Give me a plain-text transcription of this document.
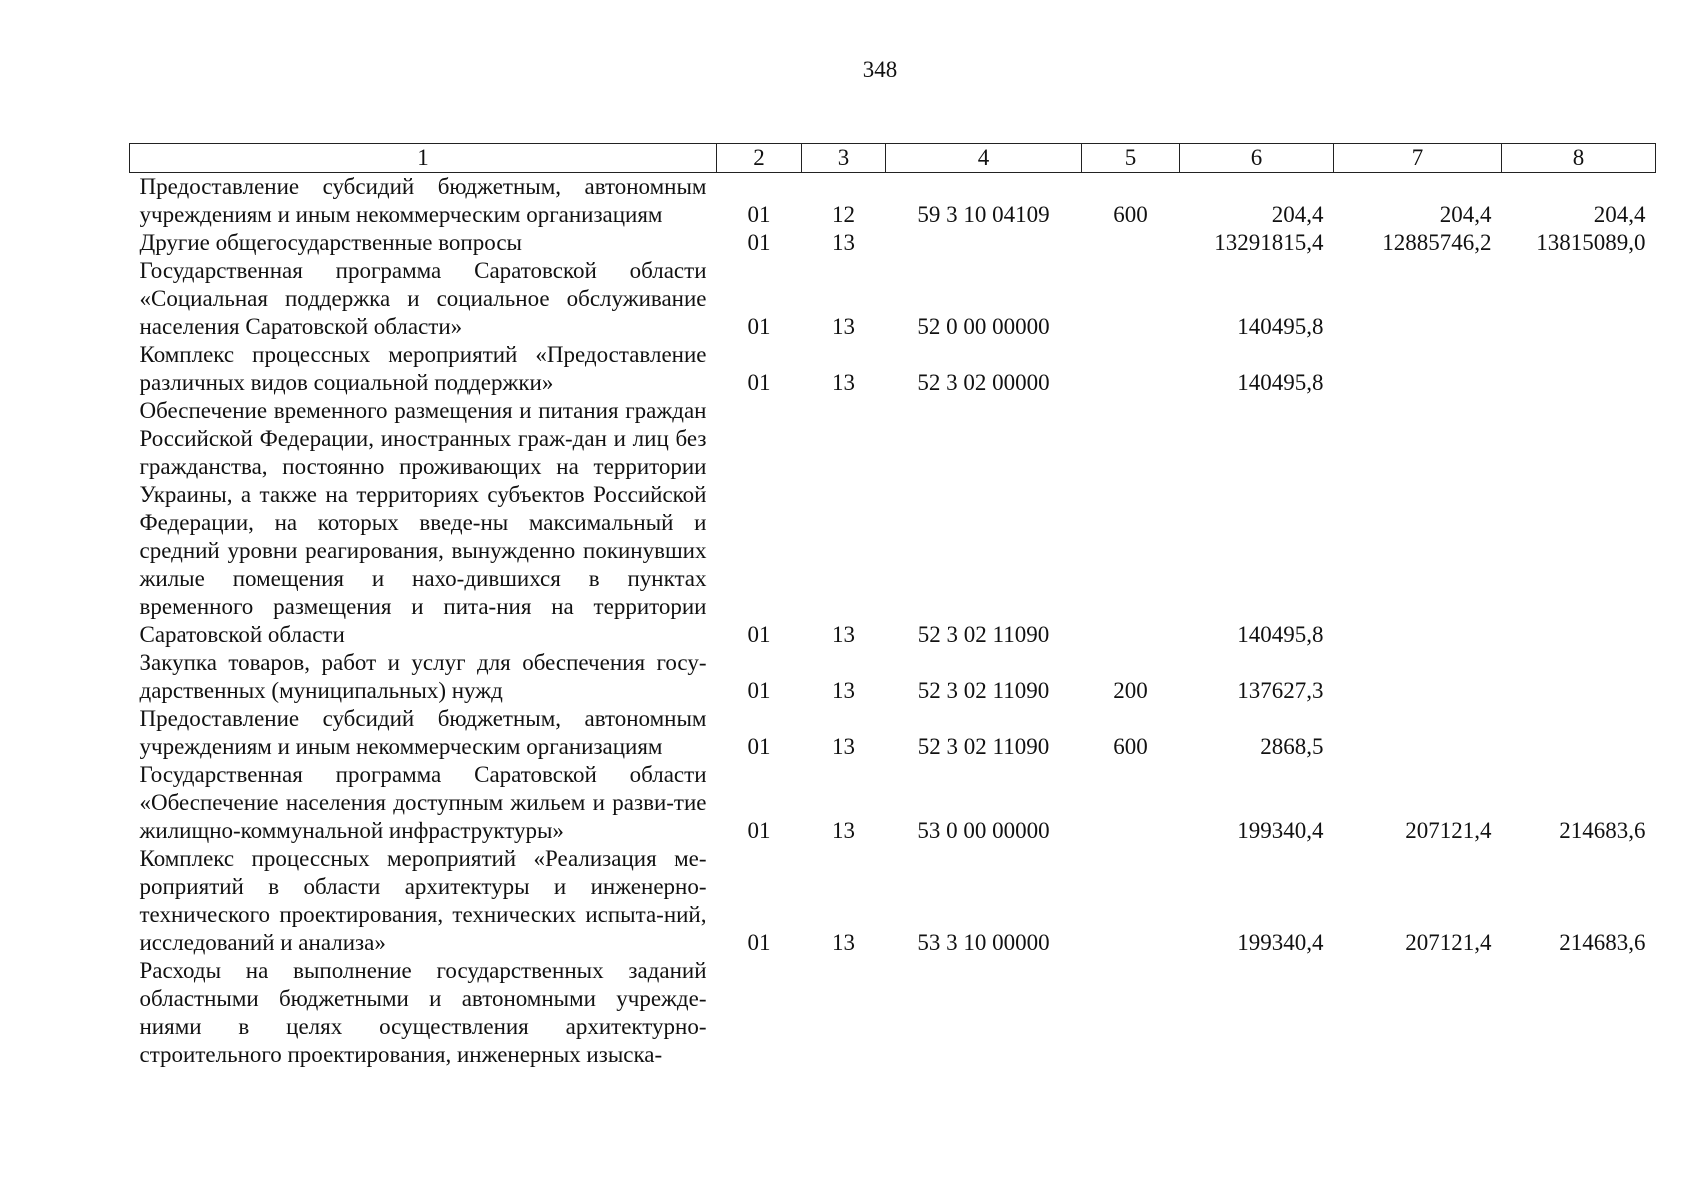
348
1	2	3	4	5	6	7	8
Предоставление субсидий бюджетным, автономным учреждениям и иным некоммерческим организациям	01	12	59 3 10 04109	600	204,4	204,4	204,4
Другие общегосударственные вопросы	01	13			13291815,4	12885746,2	13815089,0
Государственная программа Саратовской области «Социальная поддержка и социальное обслуживание населения Саратовской области»	01	13	52 0 00 00000		140495,8		
Комплекс процессных мероприятий «Предоставление различных видов социальной поддержки»	01	13	52 3 02 00000		140495,8		
Обеспечение временного размещения и питания граждан Российской Федерации, иностранных граж-дан и лиц без гражданства, постоянно проживающих на территории Украины, а также на территориях субъектов Российской Федерации, на которых введе-ны максимальный и средний уровни реагирования, вынужденно покинувших жилые помещения и нахо-дившихся в пунктах временного размещения и пита-ния на территории Саратовской области	01	13	52 3 02 11090		140495,8		
Закупка товаров, работ и услуг для обеспечения госу-дарственных (муниципальных) нужд	01	13	52 3 02 11090	200	137627,3		
Предоставление субсидий бюджетным, автономным учреждениям и иным некоммерческим организациям	01	13	52 3 02 11090	600	2868,5		
Государственная программа Саратовской области «Обеспечение населения доступным жильем и разви-тие жилищно-коммунальной инфраструктуры»	01	13	53 0 00 00000		199340,4	207121,4	214683,6
Комплекс процессных мероприятий «Реализация ме-роприятий в области архитектуры и инженерно-технического проектирования, технических испыта-ний, исследований и анализа»	01	13	53 3 10 00000		199340,4	207121,4	214683,6
Расходы на выполнение государственных заданий областными бюджетными и автономными учрежде-ниями в целях осуществления архитектурно-строительного проектирования, инженерных изыска-							
